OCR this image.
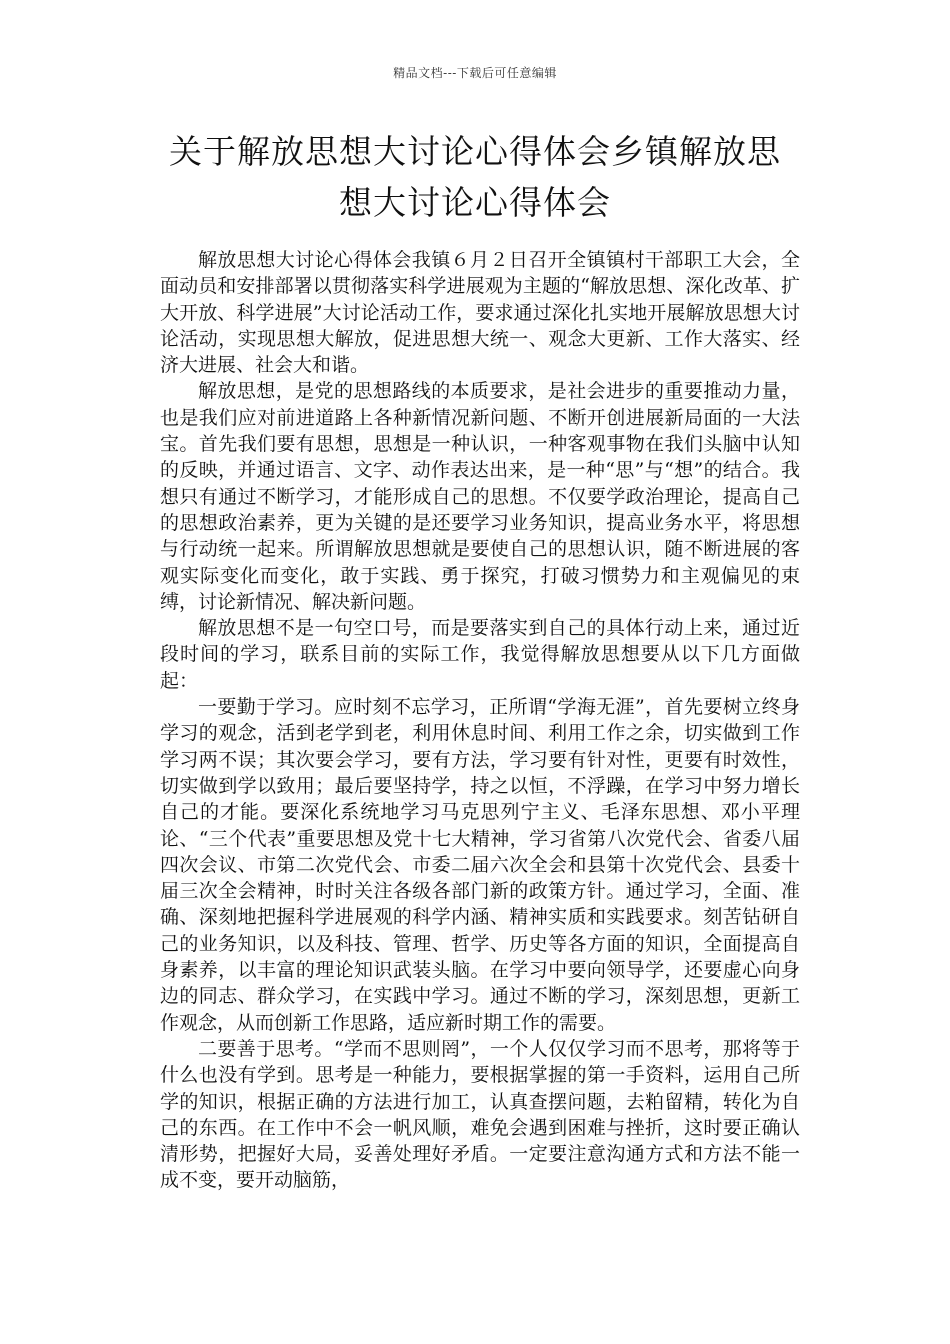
精品文档---下载后可任意编辑
关于解放思想大讨论心得体会乡镇解放思
想大讨论心得体会

解放思想大讨论心得体会我镇６月２日召开全镇镇村干部职工大会，全面动员和安排部署以贯彻落实科学进展观为主题的“解放思想、深化改革、扩大开放、科学进展”大讨论活动工作，要求通过深化扎实地开展解放思想大讨论活动，实现思想大解放，促进思想大统一、观念大更新、工作大落实、经济大进展、社会大和谐。

解放思想，是党的思想路线的本质要求，是社会进步的重要推动力量，也是我们应对前进道路上各种新情况新问题、不断开创进展新局面的一大法宝。首先我们要有思想，思想是一种认识，一种客观事物在我们头脑中认知的反映，并通过语言、文字、动作表达出来，是一种“思”与“想”的结合。我想只有通过不断学习，才能形成自己的思想。不仅要学政治理论，提高自己的思想政治素养，更为关键的是还要学习业务知识，提高业务水平，将思想与行动统一起来。所谓解放思想就是要使自己的思想认识，随不断进展的客观实际变化而变化，敢于实践、勇于探究，打破习惯势力和主观偏见的束缚，讨论新情况、解决新问题。

解放思想不是一句空口号，而是要落实到自己的具体行动上来，通过近段时间的学习，联系目前的实际工作，我觉得解放思想要从以下几方面做起：

一要勤于学习。应时刻不忘学习，正所谓“学海无涯”，首先要树立终身学习的观念，活到老学到老，利用休息时间、利用工作之余，切实做到工作学习两不误；其次要会学习，要有方法，学习要有针对性，更要有时效性，切实做到学以致用；最后要坚持学，持之以恒，不浮躁，在学习中努力增长自己的才能。要深化系统地学习马克思列宁主义、毛泽东思想、邓小平理论、“三个代表”重要思想及党十七大精神，学习省第八次党代会、省委八届四次会议、市第二次党代会、市委二届六次全会和县第十次党代会、县委十届三次全会精神，时时关注各级各部门新的政策方针。通过学习，全面、准确、深刻地把握科学进展观的科学内涵、精神实质和实践要求。刻苦钻研自己的业务知识，以及科技、管理、哲学、历史等各方面的知识，全面提高自身素养，以丰富的理论知识武装头脑。在学习中要向领导学，还要虚心向身边的同志、群众学习，在实践中学习。通过不断的学习，深刻思想，更新工作观念，从而创新工作思路，适应新时期工作的需要。

二要善于思考。“学而不思则罔”，一个人仅仅学习而不思考，那将等于什么也没有学到。思考是一种能力，要根据掌握的第一手资料，运用自己所学的知识，根据正确的方法进行加工，认真查摆问题，去粕留精，转化为自己的东西。在工作中不会一帆风顺，难免会遇到困难与挫折，这时要正确认清形势，把握好大局，妥善处理好矛盾。一定要注意沟通方式和方法不能一成不变，要开动脑筋，
